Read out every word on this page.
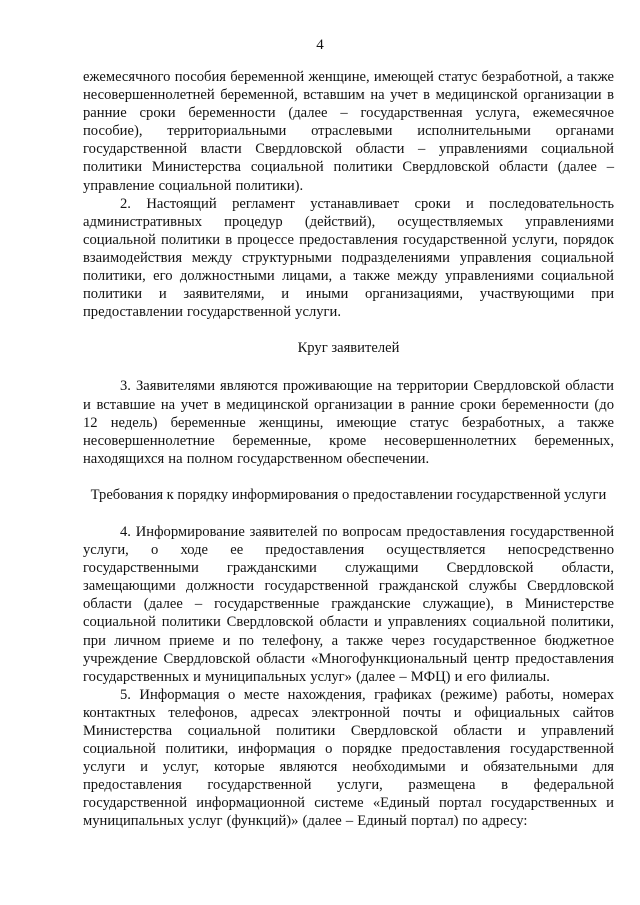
4

ежемесячного пособия беременной женщине, имеющей статус безработной, а также несовершеннолетней беременной, вставшим на учет в медицинской организации в ранние сроки беременности (далее – государственная услуга, ежемесячное пособие), территориальными отраслевыми исполнительными органами государственной власти Свердловской области – управлениями социальной политики Министерства социальной политики Свердловской области (далее – управление социальной политики).

2. Настоящий регламент устанавливает сроки и последовательность административных процедур (действий), осуществляемых управлениями социальной политики в процессе предоставления государственной услуги, порядок взаимодействия между структурными подразделениями управления социальной политики, его должностными лицами, а также между управлениями социальной политики и заявителями, и иными организациями, участвующими при предоставлении государственной услуги.

Круг заявителей

3. Заявителями являются проживающие на территории Свердловской области и вставшие на учет в медицинской организации в ранние сроки беременности (до 12 недель) беременные женщины, имеющие статус безработных, а также несовершеннолетние беременные, кроме несовершеннолетних беременных, находящихся на полном государственном обеспечении.

Требования к порядку информирования о предоставлении государственной услуги

4. Информирование заявителей по вопросам предоставления государственной услуги, о ходе ее предоставления осуществляется непосредственно государственными гражданскими служащими Свердловской области, замещающими должности государственной гражданской службы Свердловской области (далее – государственные гражданские служащие), в Министерстве социальной политики Свердловской области и управлениях социальной политики, при личном приеме и по телефону, а также через государственное бюджетное учреждение Свердловской области «Многофункциональный центр предоставления государственных и муниципальных услуг» (далее – МФЦ) и его филиалы.

5. Информация о месте нахождения, графиках (режиме) работы, номерах контактных телефонов, адресах электронной почты и официальных сайтов Министерства социальной политики Свердловской области и управлений социальной политики, информация о порядке предоставления государственной услуги и услуг, которые являются необходимыми и обязательными для предоставления государственной услуги, размещена в федеральной государственной информационной системе «Единый портал государственных и муниципальных услуг (функций)» (далее – Единый портал) по адресу:
